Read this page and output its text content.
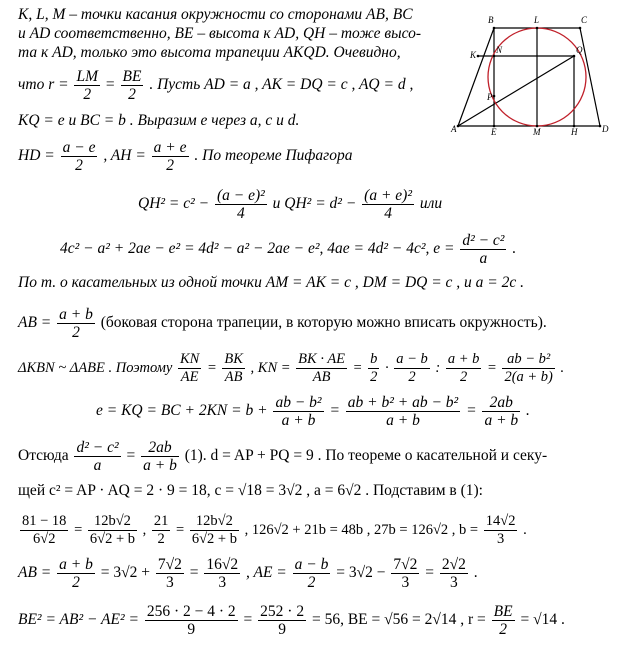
B	L	C
K N	Q
P
A	E	M	H	D
K, L, M – точки касания окружности со сторонами AB, BC
и AD соответственно, BE – высота к AD, QH – тоже высо-
та к AD, только это высота трапеции AKQD. Очевидно,
что $r = \frac{LM}{2} = \frac{BE}{2}$ . Пусть AD = a , AK = DQ = c , AQ = d ,
KQ = e и BC = b . Выразим e через a, c и d.
HD = $\frac{a - e}{2}$ , AH = $\frac{a + e}{2}$ . По теореме Пифагора
$QH^2 = c^2 - \frac{\text{(a − e)²}}{4}$ и $QH^2 = d^2 - \frac{\text{(a + e)²}}{4}$ или
4c² − a² + 2ae − e² = 4d² − a² − 2ae − e², 4ae = 4d² − 4c², $e = \frac{\text{d² − c²}}{a}$ .
По т. о касательных из одной точки AM = AK = c , DM = DQ = c , и a = 2c .
AB = $\frac{a + b}{2}$ (боковая сторона трапеции, в которую можно вписать окружность).
ΔKBN ~ ΔABE . Поэтому $\frac{KN}{AE} = \frac{BK}{AB}$ , KN = $\frac{BK \cdot AE}{AB} = \frac{b}{2} \cdot \frac{a - b}{2}$ : $\frac{a + b}{2} = \frac{\text{ab − b²}}{2(a + b)}$ .
e = KQ = BC + $2KN = b + \frac{\text{ab − b²}}{a + b} = \frac{\text{ab + b² + ab − b²}}{a + b} = \frac{2ab}{a + b}$ .
Отсюда $\frac{\text{d² − c²}}{a} = \frac{2ab}{a + b} (1)$. d = AP + PQ = 9 . По теореме о касательной и секу-
щей c² = AP · AQ = 2 · 9 = 18, c = √18 = 3√2 , a = 6√2 . Подставим в (1):
$\frac{81 - 18}{6√2} = \frac{12b√2}{6√2 + b}$ , $\frac{21}{2} = \frac{12b√2}{6√2 + b}$ , 126√2 + 21b = 48b , 27b = 126√2 , $b = \frac{14√2}{3}$ .
AB = $\frac{a + b}{2} = 3√2 + \frac{7√2}{3} = \frac{16√2}{3}$ , AE = $\frac{a - b}{2} = 3√2 - \frac{7√2}{3} = \frac{2√2}{3}$ .
$BE^2 = AB^2 - AE^2 = \frac{256 \cdot 2 - 4 \cdot 2}{9} = \frac{252 \cdot 2}{9} = 56$, BE = √56 = 2√14 , $r = \frac{BE}{2} = √14$ .
